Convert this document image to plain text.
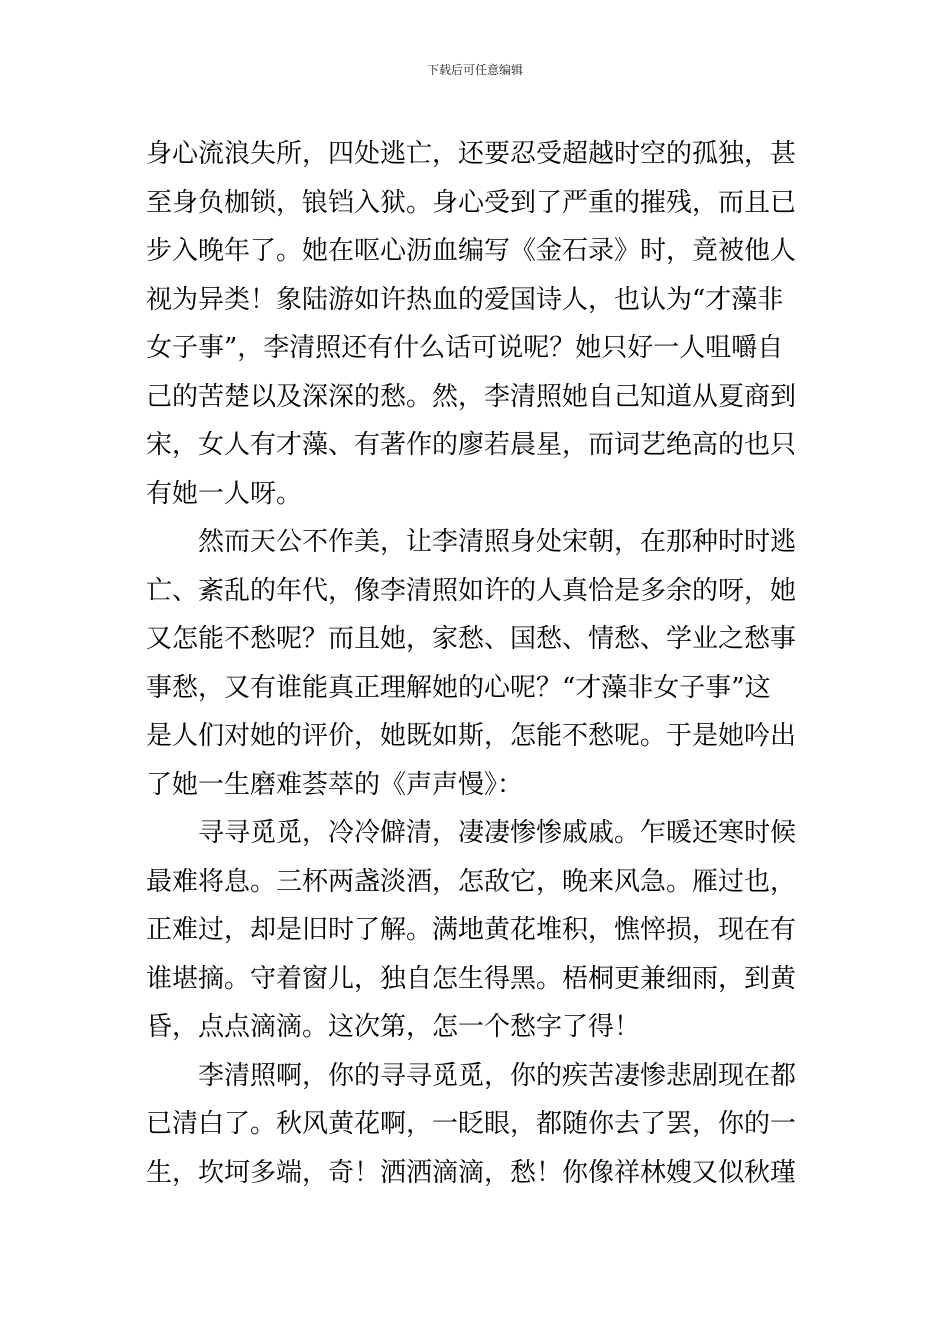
下载后可任意编辑

身心流浪失所，四处逃亡，还要忍受超越时空的孤独，甚
至身负枷锁，锒铛入狱。身心受到了严重的摧残，而且已
步入晚年了。她在呕心沥血编写《金石录》时，竟被他人
视为异类！象陆游如许热血的爱国诗人，也认为“才藻非
女子事”，李清照还有什么话可说呢？她只好一人咀嚼自
己的苦楚以及深深的愁。然，李清照她自己知道从夏商到
宋，女人有才藻、有著作的廖若晨星，而词艺绝高的也只
有她一人呀。

然而天公不作美，让李清照身处宋朝，在那种时时逃
亡、紊乱的年代，像李清照如许的人真恰是多余的呀，她
又怎能不愁呢？而且她，家愁、国愁、情愁、学业之愁事
事愁，又有谁能真正理解她的心呢？“才藻非女子事”这
是人们对她的评价，她既如斯，怎能不愁呢。于是她吟出
了她一生磨难荟萃的《声声慢》：

寻寻觅觅，冷冷僻清，凄凄惨惨戚戚。乍暖还寒时候
最难将息。三杯两盏淡酒，怎敌它，晚来风急。雁过也，
正难过，却是旧时了解。满地黄花堆积，憔悴损，现在有
谁堪摘。守着窗儿，独自怎生得黑。梧桐更兼细雨，到黄
昏，点点滴滴。这次第，怎一个愁字了得！

李清照啊，你的寻寻觅觅，你的疾苦凄惨悲剧现在都
已清白了。秋风黄花啊，一眨眼，都随你去了罢，你的一
生，坎坷多端，奇！洒洒滴滴，愁！你像祥林嫂又似秋瑾
